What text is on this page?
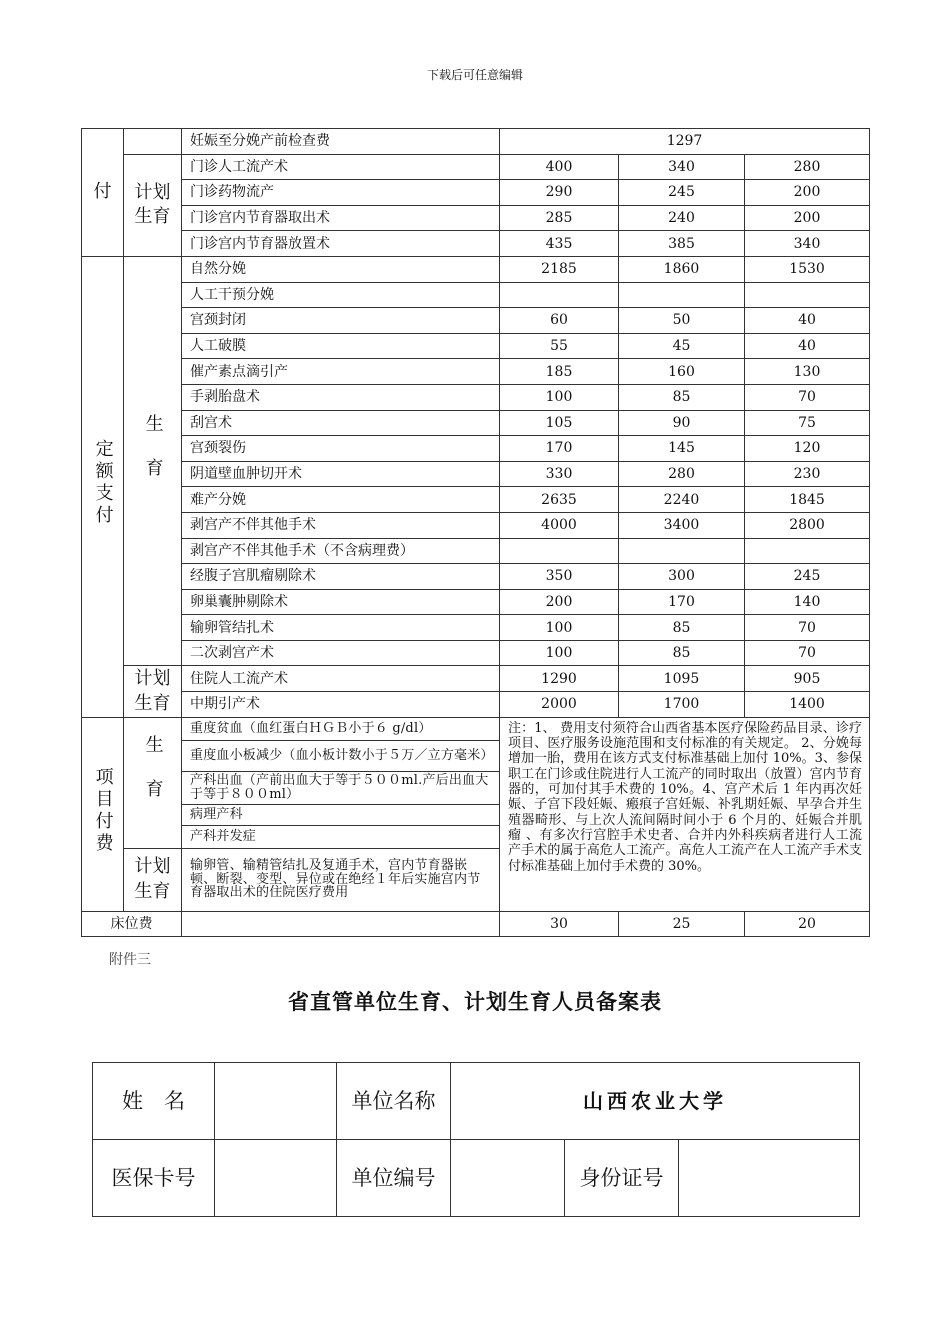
下载后可任意编辑
付		妊娠至分娩产前检查费	1297		
	计划生育	门诊人工流产术	400	340	280
		门诊药物流产	290	245	200
		门诊宫内节育器取出术	285	240	200
		门诊宫内节育器放置术	435	385	340
定额支付	生育	自然分娩	2185	1860	1530
		人工干预分娩			
		宫颈封闭	60	50	40
		人工破膜	55	45	40
		催产素点滴引产	185	160	130
		手剥胎盘术	100	85	70
		刮宫术	105	90	75
		宫颈裂伤	170	145	120
		阴道壁血肿切开术	330	280	230
		难产分娩	2635	2240	1845
		剥宫产不伴其他手术	4000	3400	2800
		剥宫产不伴其他手术（不含病理费）			
		经腹子宫肌瘤剔除术	350	300	245
		卵巢囊肿剔除术	200	170	140
		输卵管结扎术	100	85	70
		二次剥宫产术	100	85	70
	计划生育	住院人工流产术	1290	1095	905
		中期引产术	2000	1700	1400
项目付费	生育	重度贫血（血红蛋白ＨＧＢ小于６ g/dl）	注：1、 费用支付须符合山西省基本医疗保险药品目录、诊疗项目、医疗服务设施范围和支付标准的有关规定。 2、分娩每增加一胎，费用在该方式支付标准基础上加付 10%。3、参保职工在门诊或住院进行人工流产的同时取出（放置）宫内节育器的，可加付其手术费的 10%。4、宫产术后 1 年内再次妊娠、子宫下段妊娠、瘢痕子宫妊娠、补乳期妊娠、早孕合并生殖器畸形、与上次人流间隔时间小于 6 个月的、妊娠合并肌瘤 、有多次行宫腔手术史者、合并内外科疾病者进行人工流产手术的属于高危人工流产。高危人工流产在人工流产手术支付标准基础上加付手术费的 30%。		
		重度血小板减少（血小板计数小于５万／立方毫米）			
		产科出血（产前出血大于等于５００ml.产后出血大于等于８００ml）			
		病理产科			
		产科并发症			
	计划生育	输卵管、输精管结扎及复通手术，宫内节育器嵌顿、断裂、变型、异位或在绝经１年后实施宫内节育器取出术的住院医疗费用			
床位费			30	25	20
附件三
省直管单位生育、计划生育人员备案表
姓　名		单位名称	山西农业大学		
医保卡号		单位编号		身份证号	
